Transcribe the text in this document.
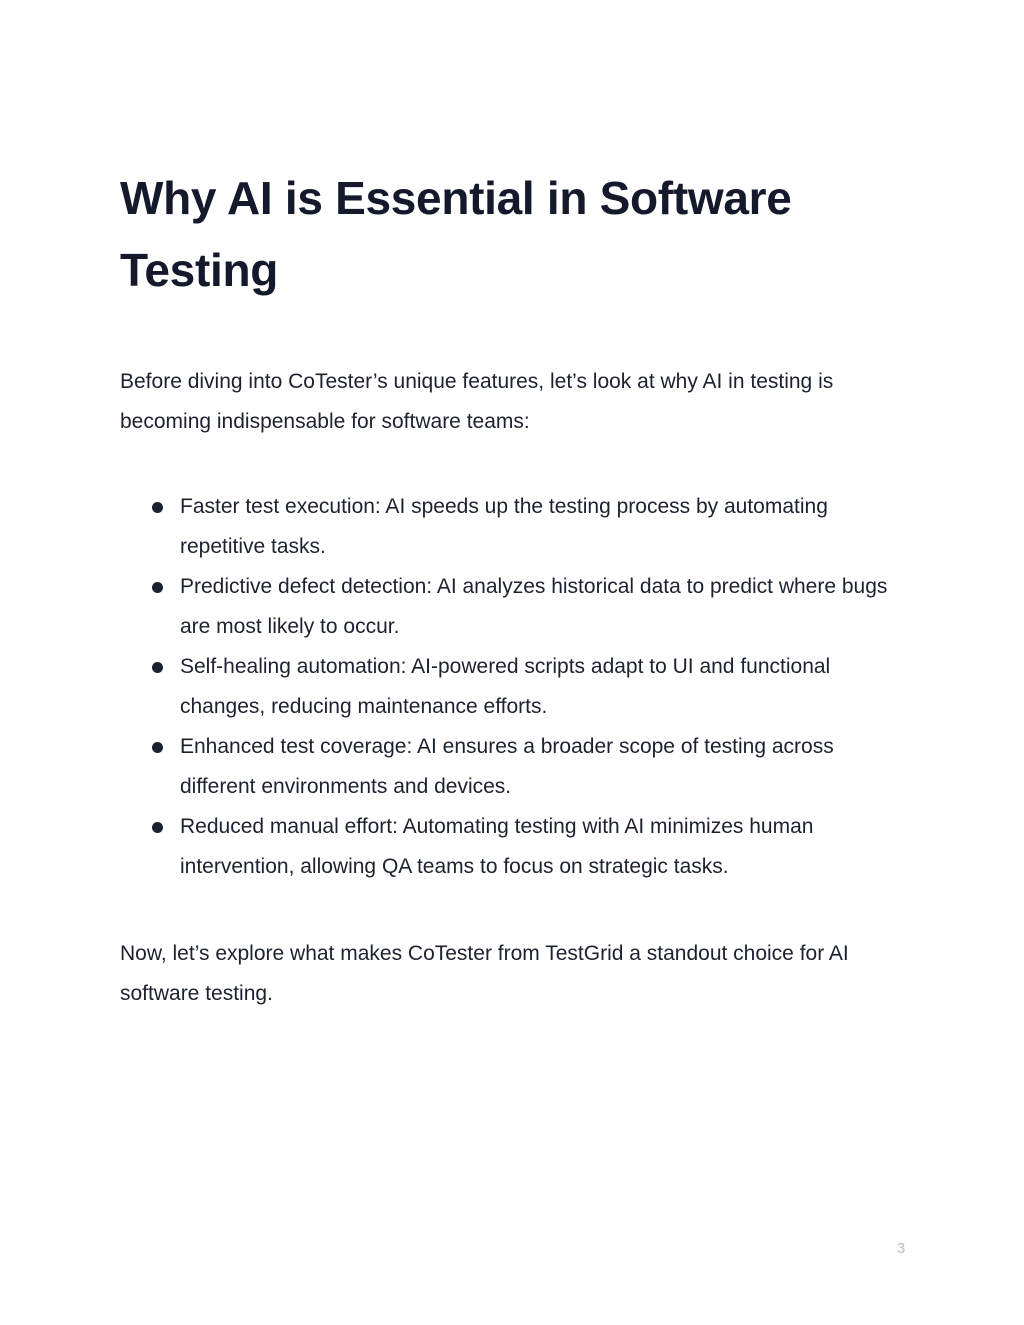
Why AI is Essential in Software Testing

Before diving into CoTester’s unique features, let’s look at why AI in testing is becoming indispensable for software teams:

Faster test execution: AI speeds up the testing process by automating repetitive tasks.
Predictive defect detection: AI analyzes historical data to predict where bugs are most likely to occur.
Self-healing automation: AI-powered scripts adapt to UI and functional changes, reducing maintenance efforts.
Enhanced test coverage: AI ensures a broader scope of testing across different environments and devices.
Reduced manual effort: Automating testing with AI minimizes human intervention, allowing QA teams to focus on strategic tasks.

Now, let’s explore what makes CoTester from TestGrid a standout choice for AI software testing.

3
